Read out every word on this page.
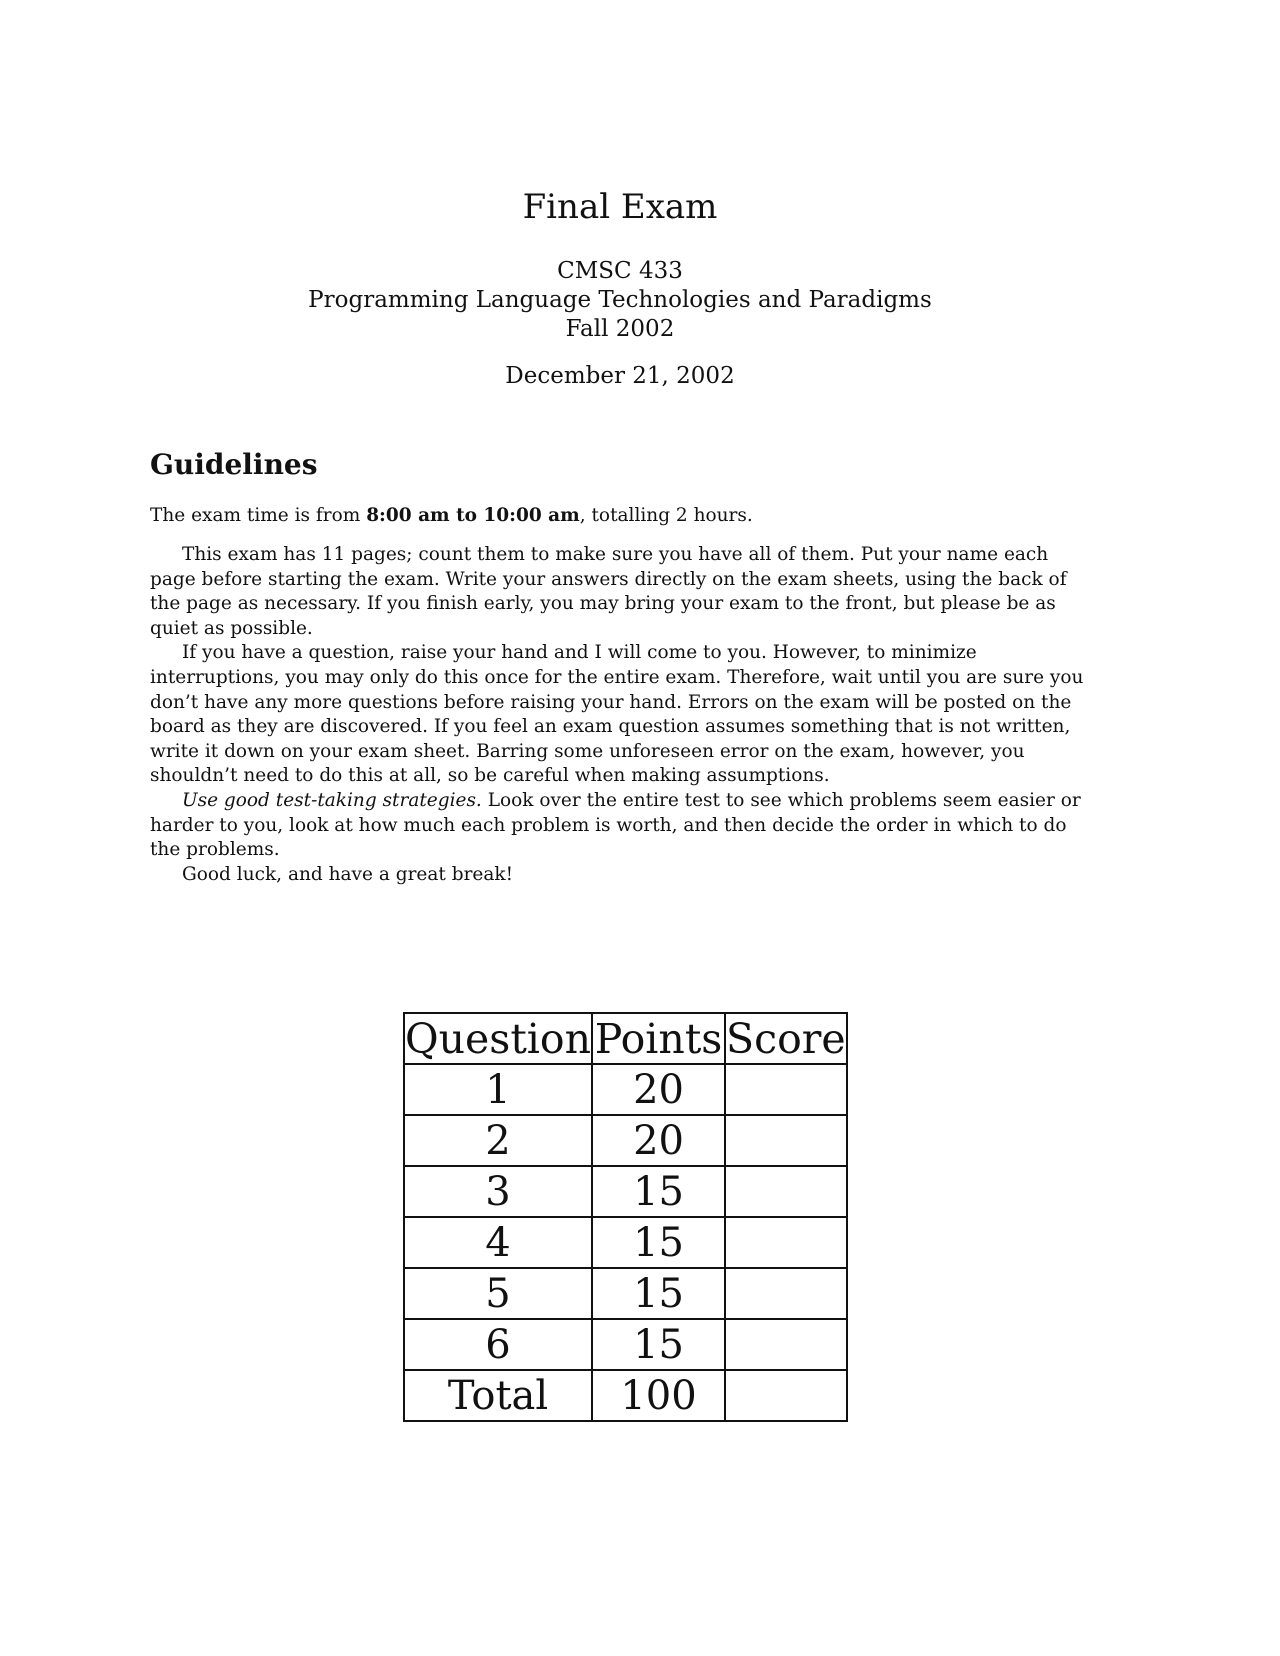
Final Exam
CMSC 433
Programming Language Technologies and Paradigms
Fall 2002
December 21, 2002
Guidelines
The exam time is from 8:00 am to 10:00 am, totalling 2 hours.

This exam has 11 pages; count them to make sure you have all of them. Put your name each page before starting the exam. Write your answers directly on the exam sheets, using the back of the page as necessary. If you finish early, you may bring your exam to the front, but please be as quiet as possible.

If you have a question, raise your hand and I will come to you. However, to minimize interruptions, you may only do this once for the entire exam. Therefore, wait until you are sure you don’t have any more questions before raising your hand. Errors on the exam will be posted on the board as they are discovered. If you feel an exam question assumes something that is not written, write it down on your exam sheet. Barring some unforeseen error on the exam, however, you shouldn’t need to do this at all, so be careful when making assumptions.

Use good test-taking strategies. Look over the entire test to see which problems seem easier or harder to you, look at how much each problem is worth, and then decide the order in which to do the problems.

Good luck, and have a great break!

Question	Points	Score
1	20	
2	20	
3	15	
4	15	
5	15	
6	15	
Total	100	
